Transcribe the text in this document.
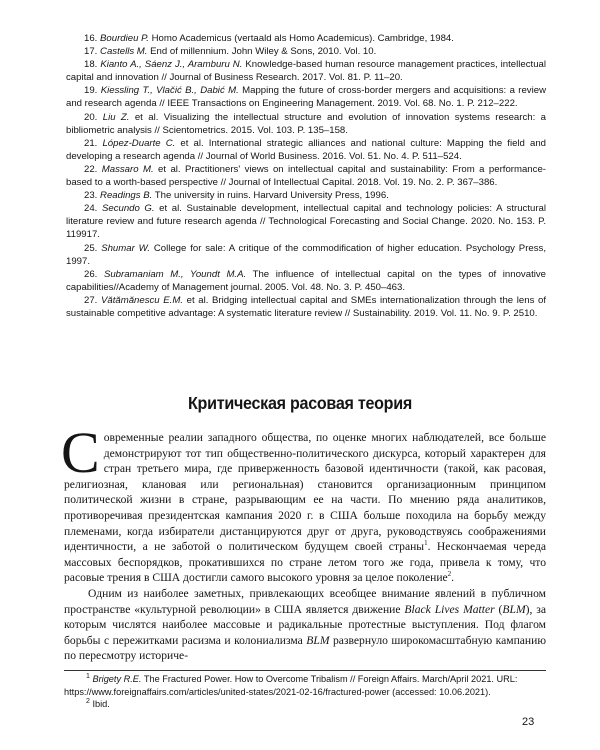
16. Bourdieu P. Homo Academicus (vertaald als Homo Academicus). Cambridge, 1984.

17. Castells M. End of millennium. John Wiley & Sons, 2010. Vol. 10.

18. Kianto A., Sáenz J., Aramburu N. Knowledge-based human resource management practices, intellectual capital and innovation // Journal of Business Research. 2017. Vol. 81. P. 11–20.

19. Kiessling T., Vlačić B., Dabić M. Mapping the future of cross-border mergers and acquisitions: a review and research agenda // IEEE Transactions on Engineering Management. 2019. Vol. 68. No. 1. P. 212–222.

20. Liu Z. et al. Visualizing the intellectual structure and evolution of innovation systems research: a bibliometric analysis // Scientometrics. 2015. Vol. 103. P. 135–158.

21. López-Duarte C. et al. International strategic alliances and national culture: Mapping the field and developing a research agenda // Journal of World Business. 2016. Vol. 51. No. 4. P. 511–524.

22. Massaro M. et al. Practitioners' views on intellectual capital and sustainability: From a performance-based to a worth-based perspective // Journal of Intellectual Capital. 2018. Vol. 19. No. 2. P. 367–386.

23. Readings B. The university in ruins. Harvard University Press, 1996.

24. Secundo G. et al. Sustainable development, intellectual capital and technology policies: A structural literature review and future research agenda // Technological Forecasting and Social Change. 2020. No. 153. P. 119917.

25. Shumar W. College for sale: A critique of the commodification of higher education. Psychology Press, 1997.

26. Subramaniam M., Youndt M.A. The influence of intellectual capital on the types of innovative capabilities//Academy of Management journal. 2005. Vol. 48. No. 3. P. 450–463.

27. Vătămănescu E.M. et al. Bridging intellectual capital and SMEs internationalization through the lens of sustainable competitive advantage: A systematic literature review // Sustainability. 2019. Vol. 11. No. 9. P. 2510.

Критическая расовая теория

Современные реалии западного общества, по оценке многих наблюдателей, все больше демонстрируют тот тип общественно-политического дискурса, который характерен для стран третьего мира, где приверженность базовой идентичности (такой, как расовая, религиозная, клановая или региональная) становится организационным принципом политической жизни в стране, разрывающим ее на части. По мнению ряда аналитиков, противоречивая президентская кампания 2020 г. в США больше походила на борьбу между племенами, когда избиратели дистанцируются друг от друга, руководствуясь соображениями идентичности, а не заботой о политическом будущем своей страны$^1$. Нескончаемая череда массовых беспорядков, прокатившихся по стране летом того же года, привела к тому, что расовые трения в США достигли самого высокого уровня за целое поколение$^2$.

Одним из наиболее заметных, привлекающих всеобщее внимание явлений в публичном пространстве «культурной революции» в США является движение Black Lives Matter (BLM), за которым числятся наиболее массовые и радикальные протестные выступления. Под флагом борьбы с пережитками расизма и колониализма BLM развернуло широкомасштабную кампанию по пересмотру историче-

$^1$ Brigety R.E. The Fractured Power. How to Overcome Tribalism // Foreign Affairs. March/April 2021. URL: https://www.foreignaffairs.com/articles/united-states/2021-02-16/fractured-power (accessed: 10.06.2021).

$^2$ Ibid.

23
